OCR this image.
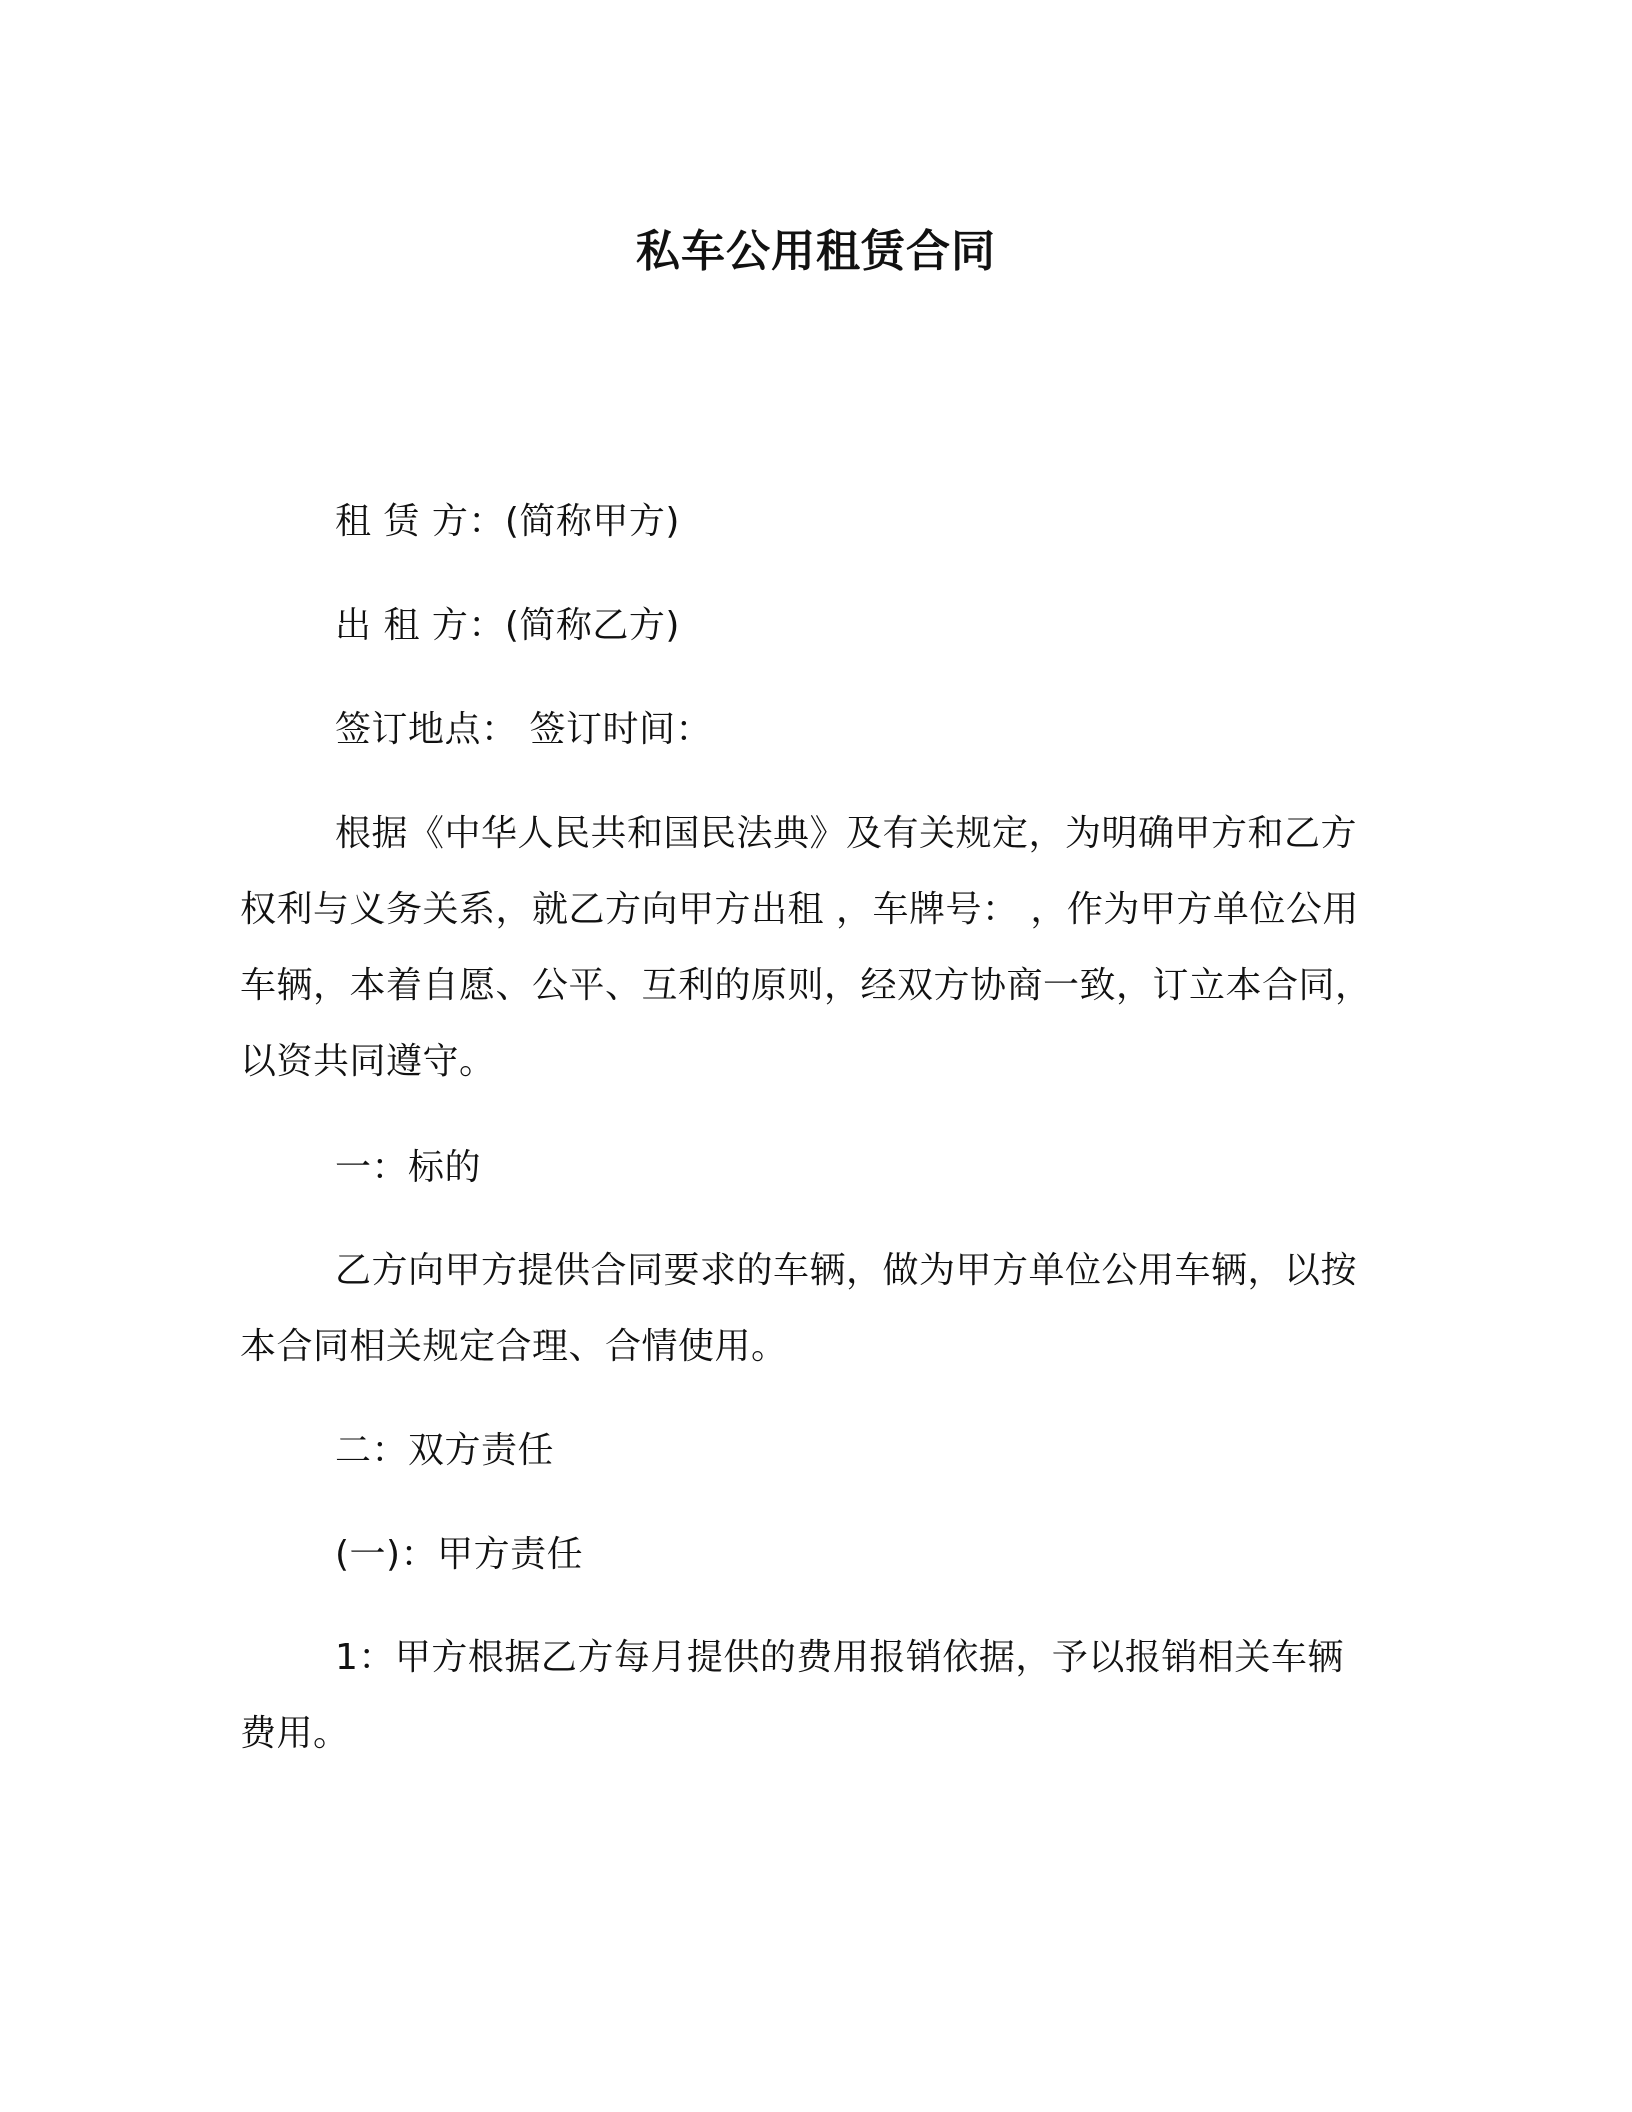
私车公用租赁合同

租 赁 方：(简称甲方)

出 租 方：(简称乙方)

签订地点： 签订时间：

根据《中华人民共和国民法典》及有关规定，为明确甲方和乙方权利与义务关系，就乙方向甲方出租 ，车牌号： ，作为甲方单位公用车辆，本着自愿、公平、互利的原则，经双方协商一致，订立本合同，以资共同遵守。

一：标的

乙方向甲方提供合同要求的车辆，做为甲方单位公用车辆，以按本合同相关规定合理、合情使用。

二：双方责任

(一)：甲方责任

1：甲方根据乙方每月提供的费用报销依据，予以报销相关车辆费用。
